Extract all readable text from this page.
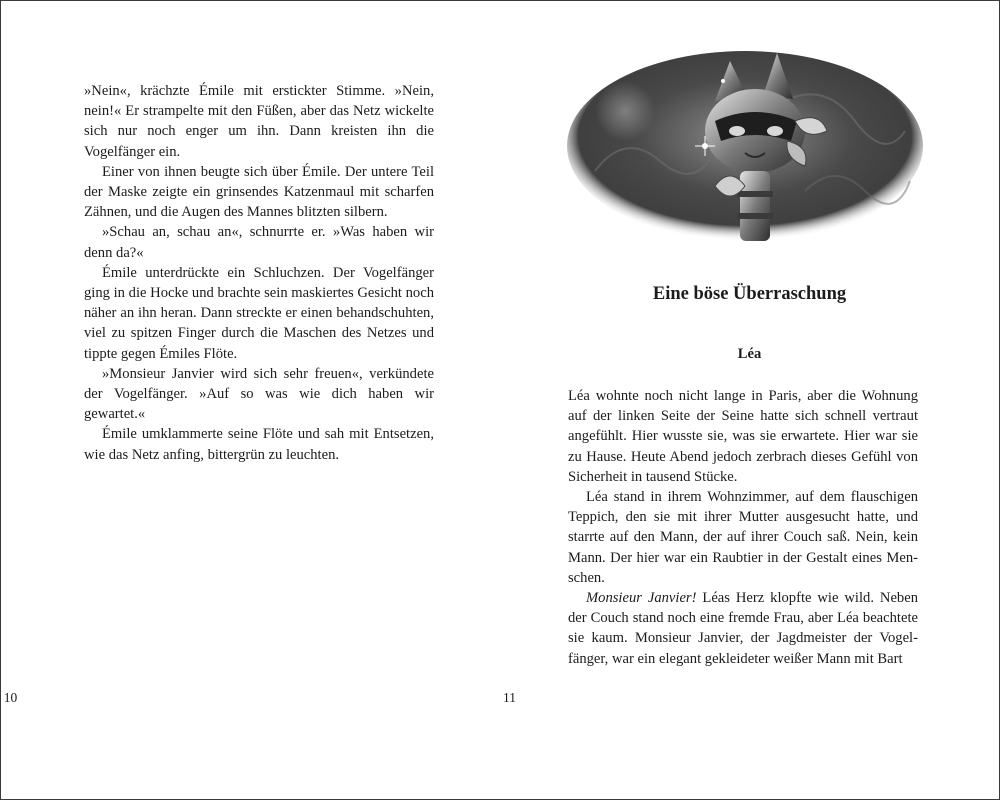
»Nein«, krächzte Émile mit erstickter Stimme. »Nein, nein!« Er strampelte mit den Füßen, aber das Netz wickelte sich nur noch enger um ihn. Dann kreisten ihn die Vogelfänger ein.

Einer von ihnen beugte sich über Émile. Der untere Teil der Maske zeigte ein grinsendes Katzenmaul mit scharfen Zähnen, und die Augen des Mannes blitzten silbern.

»Schau an, schau an«, schnurrte er. »Was haben wir denn da?«

Émile unterdrückte ein Schluchzen. Der Vogelfänger ging in die Hocke und brachte sein maskiertes Gesicht noch näher an ihn heran. Dann streckte er einen behandschuhten, viel zu spitzen Finger durch die Maschen des Netzes und tippte gegen Émiles Flöte.

»Monsieur Janvier wird sich sehr freuen«, verkündete der Vogelfänger. »Auf so was wie dich haben wir gewartet.«

Émile umklammerte seine Flöte und sah mit Entsetzen, wie das Netz anfing, bittergrün zu leuchten.

10
Eine böse Überraschung
Léa

Léa wohnte noch nicht lange in Paris, aber die Wohnung auf der linken Seite der Seine hatte sich schnell vertraut angefühlt. Hier wusste sie, was sie erwartete. Hier war sie zu Hause. Heute Abend jedoch zerbrach dieses Gefühl von Sicherheit in tausend Stücke.

Léa stand in ihrem Wohnzimmer, auf dem flauschigen Teppich, den sie mit ihrer Mutter ausgesucht hatte, und starrte auf den Mann, der auf ihrer Couch saß. Nein, kein Mann. Der hier war ein Raubtier in der Gestalt eines Menschen.

Monsieur Janvier! Léas Herz klopfte wie wild. Neben der Couch stand noch eine fremde Frau, aber Léa beachtete sie kaum. Monsieur Janvier, der Jagdmeister der Vogelfänger, war ein elegant gekleideter weißer Mann mit Bart

11
